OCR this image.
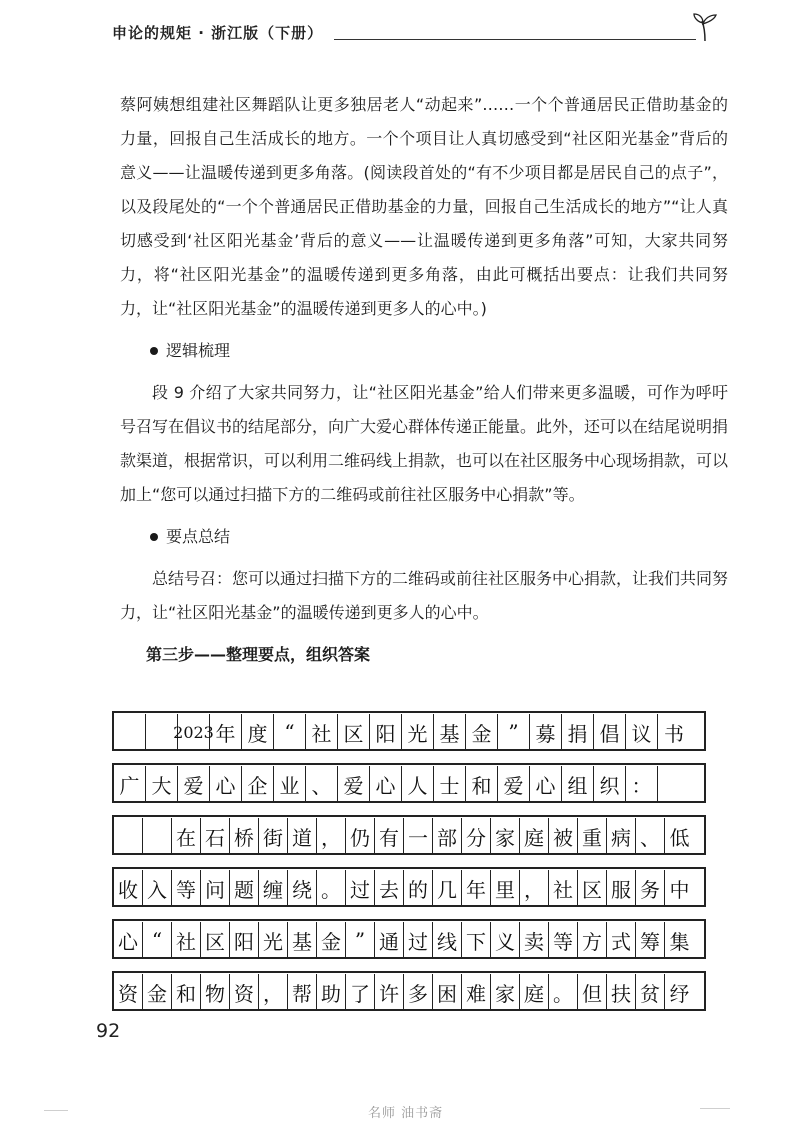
申论的规矩 · 浙江版（下册）

蔡阿姨想组建社区舞蹈队让更多独居老人“动起来”……一个个普通居民正借助基金的力量，回报自己生活成长的地方。一个个项目让人真切感受到“社区阳光基金”背后的意义——让温暖传递到更多角落。(阅读段首处的“有不少项目都是居民自己的点子”，以及段尾处的“一个个普通居民正借助基金的力量，回报自己生活成长的地方”“让人真切感受到‘社区阳光基金’背后的意义——让温暖传递到更多角落”可知，大家共同努力，将“社区阳光基金”的温暖传递到更多角落，由此可概括出要点：让我们共同努力，让“社区阳光基金”的温暖传递到更多人的心中。)

逻辑梳理

段 9 介绍了大家共同努力，让“社区阳光基金”给人们带来更多温暖，可作为呼吁号召写在倡议书的结尾部分，向广大爱心群体传递正能量。此外，还可以在结尾说明捐款渠道，根据常识，可以利用二维码线上捐款，也可以在社区服务中心现场捐款，可以加上“您可以通过扫描下方的二维码或前往社区服务中心捐款”等。

要点总结

总结号召：您可以通过扫描下方的二维码或前往社区服务中心捐款，让我们共同努力，让“社区阳光基金”的温暖传递到更多人的心中。

第三步——整理要点，组织答案
2023 年 度 “ 社 区 阳 光 基 金 ” 募 捐 倡 议 书
广 大 爱 心 企 业 、 爱 心 人 士 和 爱 心 组 织 ：
在 石 桥 街 道 ， 仍 有 一 部 分 家 庭 被 重 病 、 低
收 入 等 问 题 缠 绕 。 过 去 的 几 年 里 ， 社 区 服 务 中
心 “ 社 区 阳 光 基 金 ” 通 过 线 下 义 卖 等 方 式 筹 集
资 金 和 物 资 ， 帮 助 了 许 多 困 难 家 庭 。 但 扶 贫 纾
92
名师 油书斋
